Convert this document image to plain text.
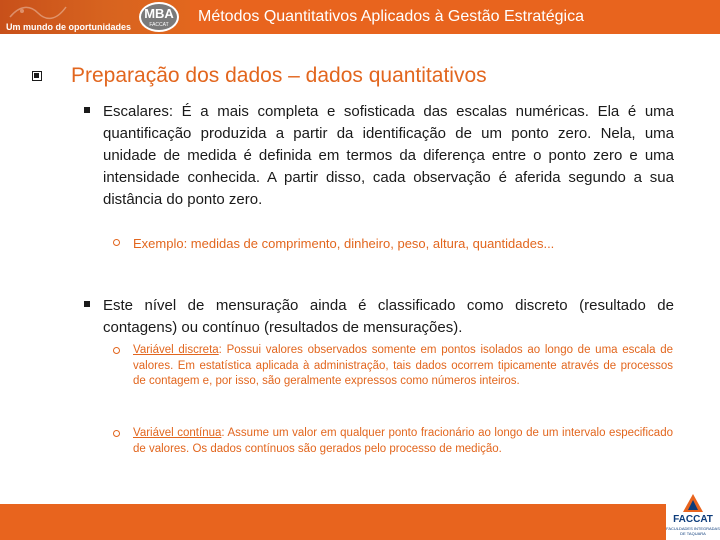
Um mundo de oportunidades
MBA
FACCAT	Métodos Quantitativos Aplicados à Gestão Estratégica
Preparação dos dados – dados quantitativos
Escalares: É a mais completa e sofisticada das escalas numéricas. Ela é uma quantificação produzida a partir da identificação de um ponto zero. Nela, uma unidade de medida é definida em termos da diferença entre o ponto zero e uma intensidade conhecida. A partir disso, cada observação é aferida segundo a sua distância do ponto zero.
Exemplo: medidas de comprimento, dinheiro, peso, altura, quantidades...
Este nível de mensuração ainda é classificado como discreto (resultado de contagens) ou contínuo (resultados de mensurações).
Variável discreta: Possui valores observados somente em pontos isolados ao longo de uma escala de valores. Em estatística aplicada à administração, tais dados ocorrem tipicamente através de processos de contagem e, por isso, são geralmente expressos como números inteiros.
Variável contínua: Assume um valor em qualquer ponto fracionário ao longo de um intervalo especificado de valores. Os dados contínuos são gerados pelo processo de medição.
FACCAT
FACULDADES INTEGRADAS DE TAQUARA
